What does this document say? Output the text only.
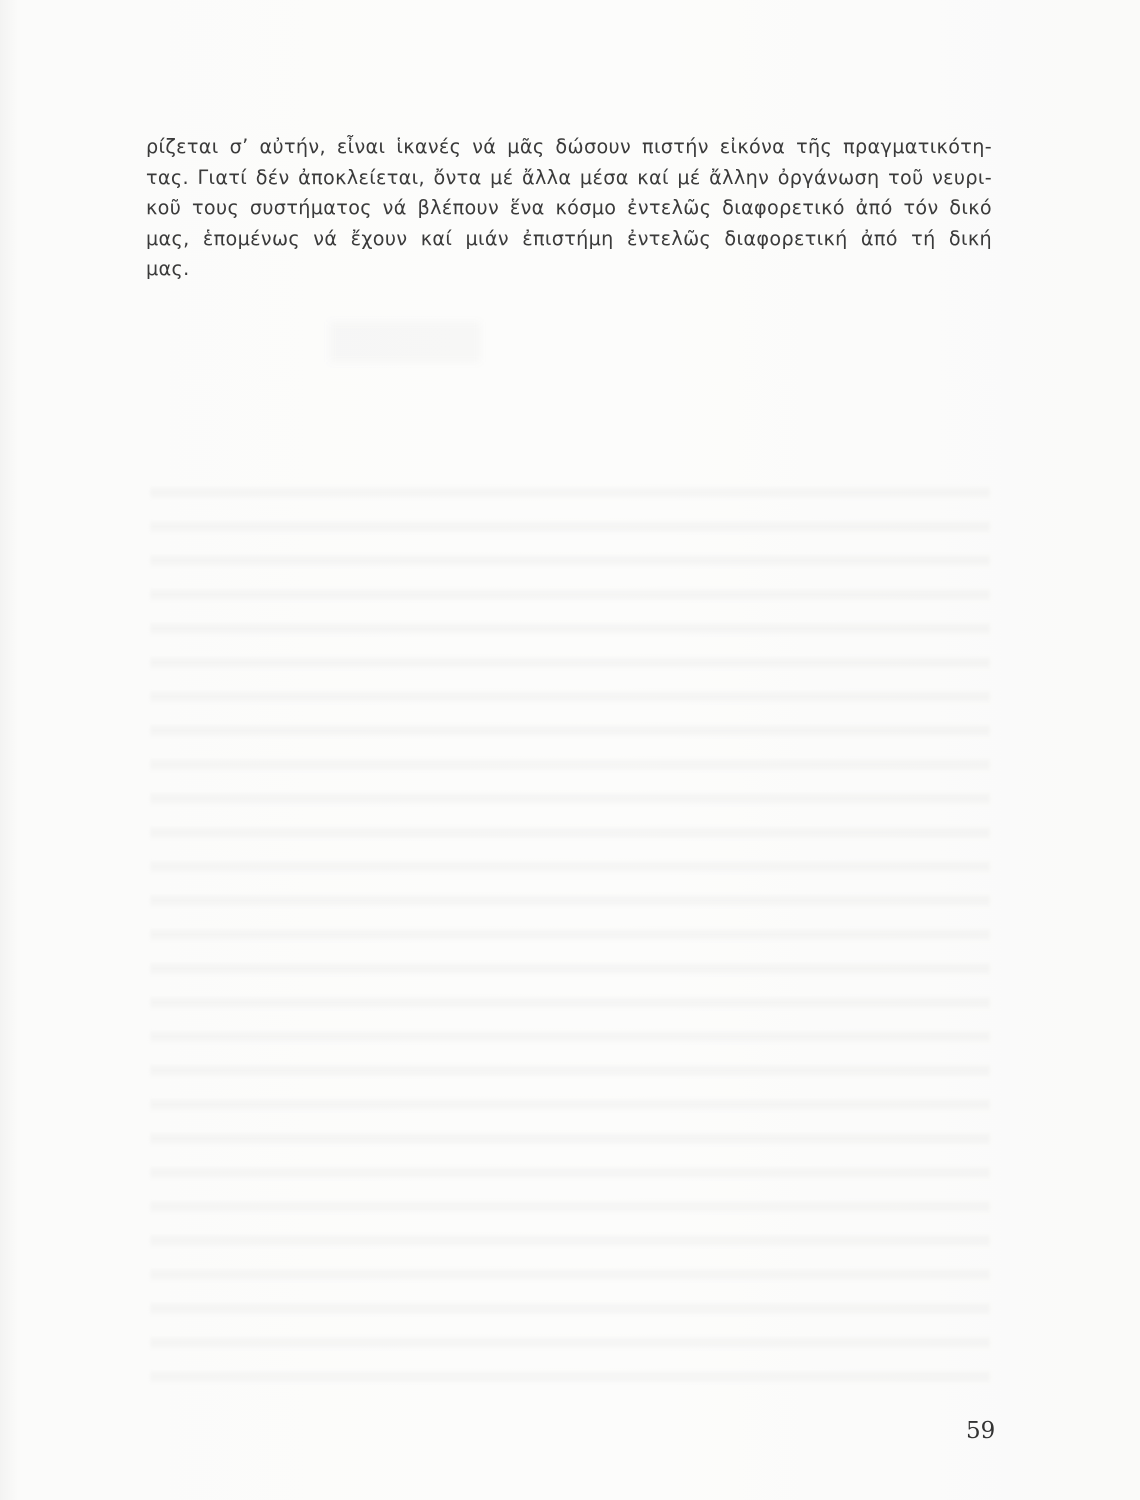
ρίζεται σ’ αὐτήν, εἶναι ἱκανές νά μᾶς δώσουν πιστήν εἰκόνα τῆς πραγματικότη-
τας. Γιατί δέν ἀποκλείεται, ὄντα μέ ἄλλα μέσα καί μέ ἄλλην ὀργάνωση τοῦ νευρι-
κοῦ τους συστήματος νά βλέπουν ἕνα κόσμο ἐντελῶς διαφορετικό ἀπό τόν δικό
μας, ἑπομένως νά ἔχουν καί μιάν ἐπιστήμη ἐντελῶς διαφορετική ἀπό τή δική
μας.
59
